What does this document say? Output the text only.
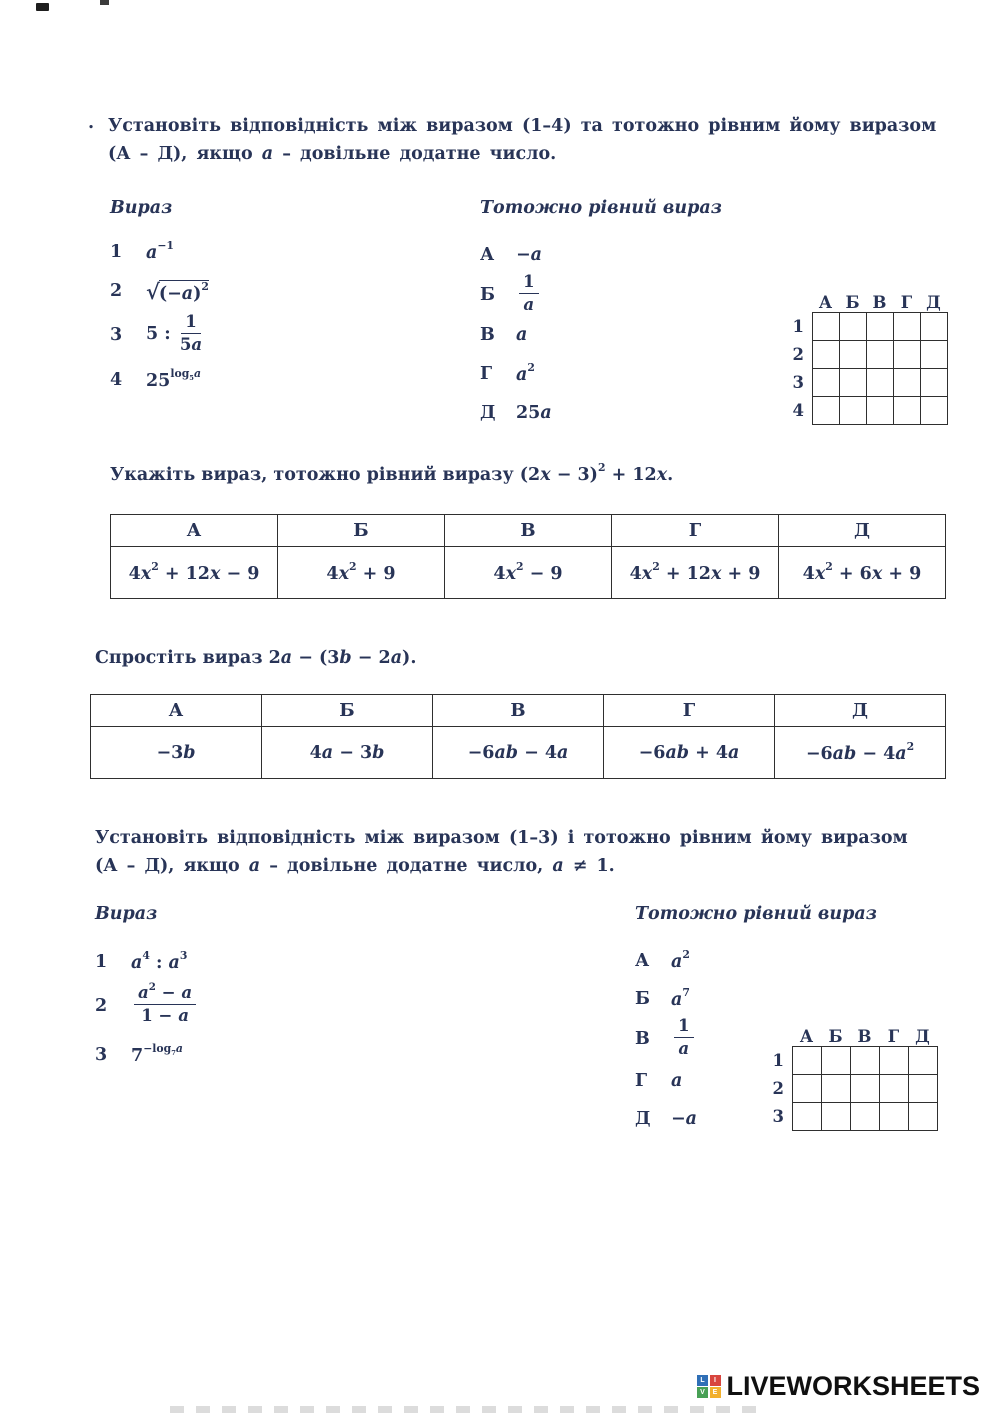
. Установіть відповідність між виразом (1–4) та тотожно рівним йому виразом
(А – Д), якщо a – довільне додатне число.
Вираз	Тотожно рівний вираз
1	$a^{-1}$
2	$√(-a)^2$
3	5 : $\frac{1}{5a}$
4	$25^{log_5a}$
А	−a
Б	$\frac{1}{a}$
В	a
Г	$a^2$
Д	25a
	А	Б	В	Г	Д
1					
2					
3					
4					
Укажіть вираз, тотожно рівний виразу $(2x - 3)^2 + 12x$.
А	Б	В	Г	Д
$4x^2 + 12x - 9$	$4x^2 + 9$	$4x^2 - 9$	$4x^2 + 12x + 9$	$4x^2 + 6x + 9$
Спростіть вираз 2a − (3b − 2a).
А	Б	В	Г	Д
−3b	4a − 3b	−6ab − 4a	−6ab + 4a	$-6ab - 4a^2$
Установіть відповідність між виразом (1–3) і тотожно рівним йому виразом
(А – Д), якщо a – довільне додатне число, a ≠ 1.
Вираз	Тотожно рівний вираз
1	$a^4$ : $a^3$
2	$\frac{a^2 - a}{1 - a}$
3	$7^{-log_7a}$
А	$a^2$
Б	$a^7$
В	$\frac{1}{a}$
Г	a
Д	−a
	А	Б	В	Г	Д
1					
2					
3					
L	I
V	E LIVEWORKSHEETS
